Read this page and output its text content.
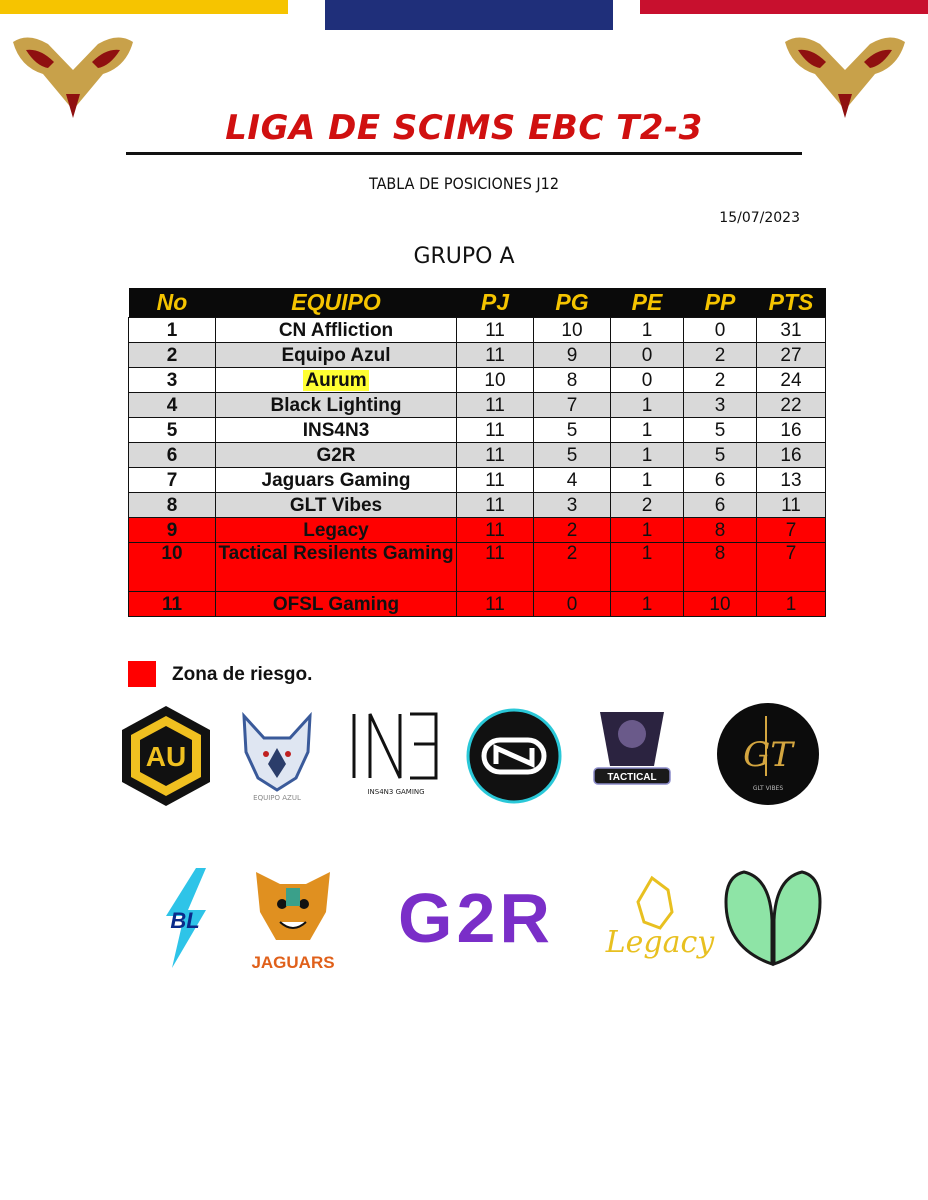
LIGA DE SCIMS EBC T2-3
TABLA DE POSICIONES J12
15/07/2023
GRUPO A
No	EQUIPO	PJ	PG	PE	PP	PTS
1	CN Affliction	11	10	1	0	31
2	Equipo Azul	11	9	0	2	27
3	Aurum	10	8	0	2	24
4	Black Lighting	11	7	1	3	22
5	INS4N3	11	5	1	5	16
6	G2R	11	5	1	5	16
7	Jaguars Gaming	11	4	1	6	13
8	GLT Vibes	11	3	2	6	11
9	Legacy	11	2	1	8	7
10	Tactical Resilents Gaming	11	2	1	8	7
11	OFSL Gaming	11	0	1	10	1
Zona de riesgo.
AU
EQUIPO AZUL
INS4N3 GAMING
TACTICAL
GT
GLT VIBES
BL
JAGUARS
G2R Legacy
